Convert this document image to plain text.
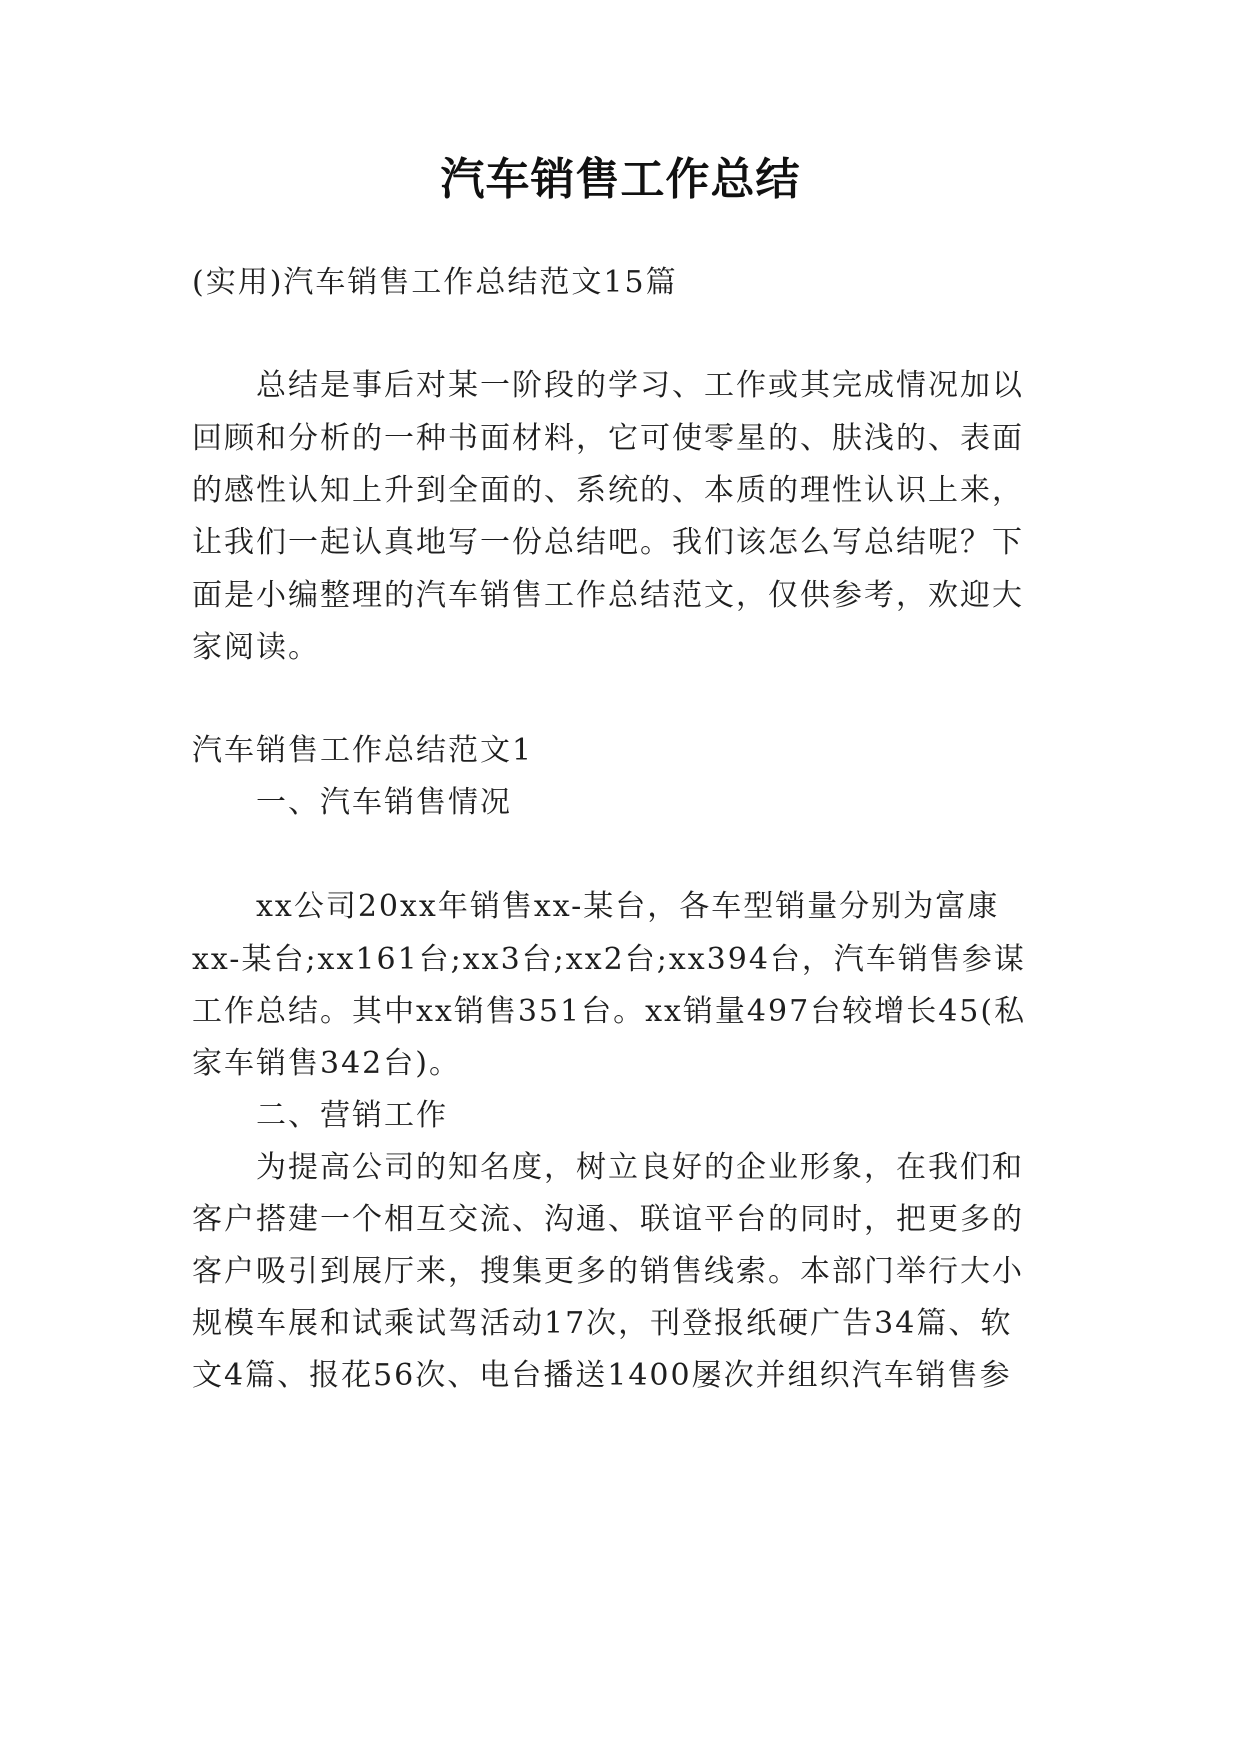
汽车销售工作总结
(实用)汽车销售工作总结范文15篇
总结是事后对某一阶段的学习、工作或其完成情况加以
回顾和分析的一种书面材料，它可使零星的、肤浅的、表面
的感性认知上升到全面的、系统的、本质的理性认识上来，
让我们一起认真地写一份总结吧。我们该怎么写总结呢？下
面是小编整理的汽车销售工作总结范文，仅供参考，欢迎大
家阅读。
汽车销售工作总结范文1
一、汽车销售情况
xx公司20xx年销售xx-某台，各车型销量分别为富康
xx-某台;xx161台;xx3台;xx2台;xx394台，汽车销售参谋
工作总结。其中xx销售351台。xx销量497台较增长45(私
家车销售342台)。
二、营销工作
为提高公司的知名度，树立良好的企业形象，在我们和
客户搭建一个相互交流、沟通、联谊平台的同时，把更多的
客户吸引到展厅来，搜集更多的销售线索。本部门举行大小
规模车展和试乘试驾活动17次，刊登报纸硬广告34篇、软
文4篇、报花56次、电台播送1400屡次并组织汽车销售参
